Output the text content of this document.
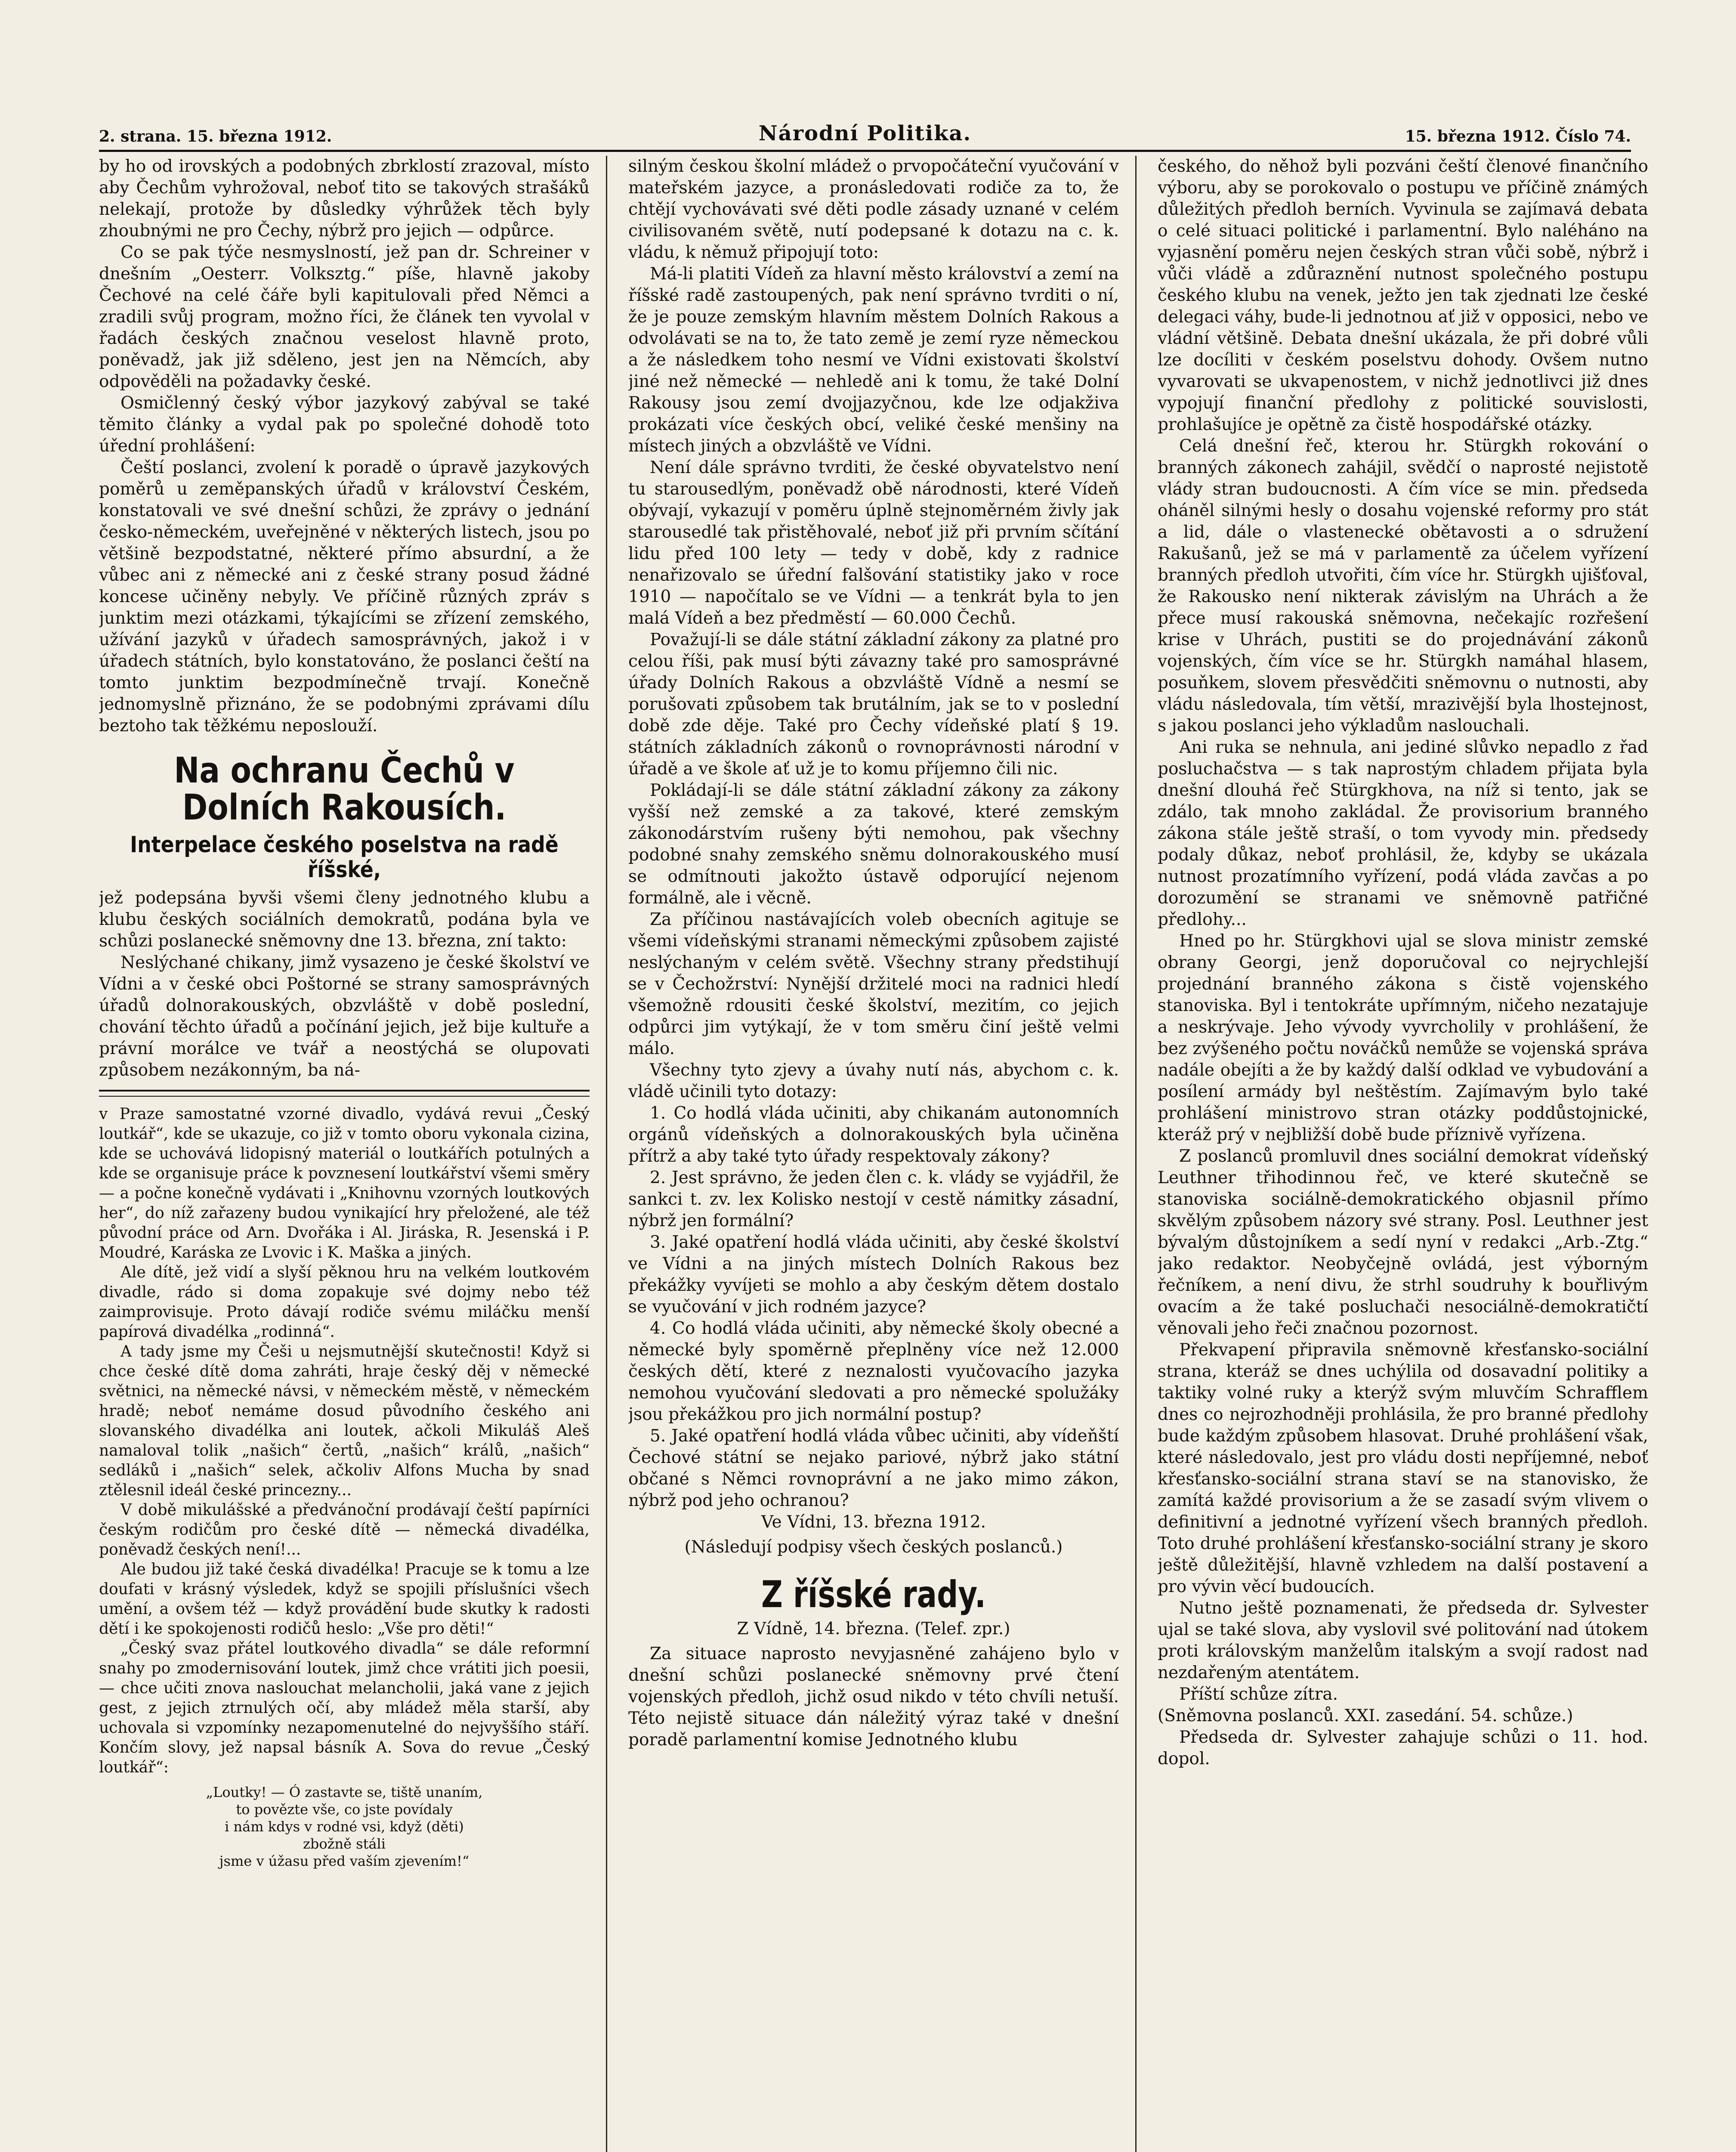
2. strana. 15. března 1912.	Národní Politika.	15. března 1912. Číslo 74.

by ho od irovských a podobných zbrklostí zrazoval, místo aby Čechům vyhrožoval, neboť tito se takových strašáků nelekají, protože by důsledky výhrůžek těch byly zhoubnými ne pro Čechy, nýbrž pro jejich — odpůrce.

Co se pak týče nesmyslností, jež pan dr. Schreiner v dnešním „Oesterr. Volksztg.“ píše, hlavně jakoby Čechové na celé čáře byli kapitulovali před Němci a zradili svůj program, možno říci, že článek ten vyvolal v řadách českých značnou veselost hlavně proto, poněvadž, jak již sděleno, jest jen na Němcích, aby odpověděli na požadavky české.

Osmičlenný český výbor jazykový zabýval se také těmito články a vydal pak po společné dohodě toto úřední prohlášení:

Čeští poslanci, zvolení k poradě o úpravě jazykových poměrů u zeměpanských úřadů v království Českém, konstatovali ve své dnešní schůzi, že zprávy o jednání česko-německém, uveřejněné v některých listech, jsou po většině bezpodstatné, některé přímo absurdní, a že vůbec ani z německé ani z české strany posud žádné koncese učiněny nebyly. Ve příčině různých zpráv s junktim mezi otázkami, týkajícími se zřízení zemského, užívání jazyků v úřadech samosprávných, jakož i v úřadech státních, bylo konstatováno, že poslanci čeští na tomto junktim bezpodmínečně trvají. Konečně jednomyslně přiznáno, že se podobnými zprávami dílu beztoho tak těžkému neposlouží.

Na ochranu Čechů v Dolních Rakousích.
Interpelace českého poselstva na radě říšské,

jež podepsána byvši všemi členy jednotného klubu a klubu českých sociálních demokratů, podána byla ve schůzi poslanecké sněmovny dne 13. března, zní takto:

Neslýchané chikany, jimž vysazeno je české školství ve Vídni a v české obci Poštorné se strany samosprávných úřadů dolnorakouských, obzvláště v době poslední, chování těchto úřadů a počínání jejich, jež bije kultuře a právní morálce ve tvář a neostýchá se olupovati způsobem nezákonným, ba ná-

v Praze samostatné vzorné divadlo, vydává revui „Český loutkář“, kde se ukazuje, co již v tomto oboru vykonala cizina, kde se uchovává lidopisný materiál o loutkářích potulných a kde se organisuje práce k povznesení loutkářství všemi směry — a počne konečně vydávati i „Knihovnu vzorných loutkových her“, do níž zařazeny budou vynikající hry přeložené, ale též původní práce od Arn. Dvořáka i Al. Jiráska, R. Jesenská i P. Moudré, Karáska ze Lvovic i K. Maška a jiných.

Ale dítě, jež vidí a slyší pěknou hru na velkém loutkovém divadle, rádo si doma zopakuje své dojmy nebo též zaimprovisuje. Proto dávají rodiče svému miláčku menší papírová divadélka „rodinná“.

A tady jsme my Češi u nejsmutnější skutečnosti! Když si chce české dítě doma zahráti, hraje český děj v německé světnici, na německé návsi, v německém městě, v německém hradě; neboť nemáme dosud původního českého ani slovanského divadélka ani loutek, ačkoli Mikuláš Aleš namaloval tolik „našich“ čertů, „našich“ králů, „našich“ sedláků i „našich“ selek, ačkoliv Alfons Mucha by snad ztělesnil ideál české princezny...

V době mikulášské a předvánoční prodávají čeští papírníci českým rodičům pro české dítě — německá divadélka, poněvadž českých není!...

Ale budou již také česká divadélka! Pracuje se k tomu a lze doufati v krásný výsledek, když se spojili příslušníci všech umění, a ovšem též — když provádění bude skutky k radosti dětí i ke spokojenosti rodičů heslo: „Vše pro děti!“

„Český svaz přátel loutkového divadla“ se dále reformní snahy po zmodernisování loutek, jimž chce vrátiti jich poesii, — chce učiti znova naslouchat melancholii, jaká vane z jejich gest, z jejich ztrnulých očí, aby mládež měla starší, aby uchovala si vzpomínky nezapomenutelné do nejvyššího stáří. Končím slovy, jež napsal básník A. Sova do revue „Český loutkář“:

„Loutky! — Ó zastavte se, tiště unaním,

to povězte vše, co jste povídaly

i nám kdys v rodné vsi, když (děti)

zbožně stáli

jsme v úžasu před vaším zjevením!“

silným českou školní mládež o prvopočáteční vyučování v mateřském jazyce, a pronásledovati rodiče za to, že chtějí vychovávati své děti podle zásady uznané v celém civilisovaném světě, nutí podepsané k dotazu na c. k. vládu, k němuž připojují toto:

Má-li platiti Vídeň za hlavní město království a zemí na říšské radě zastoupených, pak není správno tvrditi o ní, že je pouze zemským hlavním městem Dolních Rakous a odvolávati se na to, že tato země je zemí ryze německou a že následkem toho nesmí ve Vídni existovati školství jiné než německé — nehledě ani k tomu, že také Dolní Rakousy jsou zemí dvojjazyčnou, kde lze odjakživa prokázati více českých obcí, veliké české menšiny na místech jiných a obzvláště ve Vídni.

Není dále správno tvrditi, že české obyvatelstvo není tu starousedlým, poněvadž obě národnosti, které Vídeň obývají, vykazují v poměru úplně stejnoměrném živly jak starousedlé tak přistěhovalé, neboť již při prvním sčítání lidu před 100 lety — tedy v době, kdy z radnice nenařizovalo se úřední falšování statistiky jako v roce 1910 — napočítalo se ve Vídni — a tenkrát byla to jen malá Vídeň a bez předměstí — 60.000 Čechů.

Považují-li se dále státní základní zákony za platné pro celou říši, pak musí býti závazny také pro samosprávné úřady Dolních Rakous a obzvláště Vídně a nesmí se porušovati způsobem tak brutálním, jak se to v poslední době zde děje. Také pro Čechy vídeňské platí § 19. státních základních zákonů o rovnoprávnosti národní v úřadě a ve škole ať už je to komu příjemno čili nic.

Pokládají-li se dále státní základní zákony za zákony vyšší než zemské a za takové, které zemským zákonodárstvím rušeny býti nemohou, pak všechny podobné snahy zemského sněmu dolnorakouského musí se odmítnouti jakožto ústavě odporující nejenom formálně, ale i věcně.

Za příčinou nastávajících voleb obecních agituje se všemi vídeňskými stranami německými způsobem zajisté neslýchaným v celém světě. Všechny strany předstihují se v Čechožrství: Nynější držitelé moci na radnici hledí všemožně rdousiti české školství, mezitím, co jejich odpůrci jim vytýkají, že v tom směru činí ještě velmi málo.

Všechny tyto zjevy a úvahy nutí nás, abychom c. k. vládě učinili tyto dotazy:

1. Co hodlá vláda učiniti, aby chikanám autonomních orgánů vídeňských a dolnorakouských byla učiněna přítrž a aby také tyto úřady respektovaly zákony?

2. Jest správno, že jeden člen c. k. vlády se vyjádřil, že sankci t. zv. lex Kolisko nestojí v cestě námitky zásadní, nýbrž jen formální?

3. Jaké opatření hodlá vláda učiniti, aby české školství ve Vídni a na jiných místech Dolních Rakous bez překážky vyvíjeti se mohlo a aby českým dětem dostalo se vyučování v jich rodném jazyce?

4. Co hodlá vláda učiniti, aby německé školy obecné a německé byly spoměrně přeplněny více než 12.000 českých dětí, které z neznalosti vyučovacího jazyka nemohou vyučování sledovati a pro německé spolužáky jsou překážkou pro jich normální postup?

5. Jaké opatření hodlá vláda vůbec učiniti, aby vídeňští Čechové státní se nejako pariové, nýbrž jako státní občané s Němci rovnoprávní a ne jako mimo zákon, nýbrž pod jeho ochranou?

Ve Vídni, 13. března 1912.

(Následují podpisy všech českých poslanců.)

Z říšské rady.

Z Vídně, 14. března. (Telef. zpr.)

Za situace naprosto nevyjasněné zahájeno bylo v dnešní schůzi poslanecké sněmovny prvé čtení vojenských předloh, jichž osud nikdo v této chvíli netuší. Této nejistě situace dán náležitý výraz také v dnešní poradě parlamentní komise Jednotného klubu

českého, do něhož byli pozváni čeští členové finančního výboru, aby se porokovalo o postupu ve příčině známých důležitých předloh berních. Vyvinula se zajímavá debata o celé situaci politické i parlamentní. Bylo naléháno na vyjasnění poměru nejen českých stran vůči sobě, nýbrž i vůči vládě a zdůraznění nutnost společného postupu českého klubu na venek, ježto jen tak zjednati lze české delegaci váhy, bude-li jednotnou ať již v opposici, nebo ve vládní většině. Debata dnešní ukázala, že při dobré vůli lze docíliti v českém poselstvu dohody. Ovšem nutno vyvarovati se ukvapenostem, v nichž jednotlivci již dnes vypojují finanční předlohy z politické souvislosti, prohlašujíce je opětně za čistě hospodářské otázky.

Celá dnešní řeč, kterou hr. Stürgkh rokování o branných zákonech zahájil, svědčí o naprosté nejistotě vlády stran budoucnosti. A čím více se min. předseda oháněl silnými hesly o dosahu vojenské reformy pro stát a lid, dále o vlastenecké obětavosti a o sdružení Rakušanů, jež se má v parlamentě za účelem vyřízení branných předloh utvořiti, čím více hr. Stürgkh ujišťoval, že Rakousko není nikterak závislým na Uhrách a že přece musí rakouská sněmovna, nečekajíc rozřešení krise v Uhrách, pustiti se do projednávání zákonů vojenských, čím více se hr. Stürgkh namáhal hlasem, posuňkem, slovem přesvědčiti sněmovnu o nutnosti, aby vládu následovala, tím větší, mrazivější byla lhostejnost, s jakou poslanci jeho výkladům naslouchali.

Ani ruka se nehnula, ani jediné slůvko nepadlo z řad posluchačstva — s tak naprostým chladem přijata byla dnešní dlouhá řeč Stürgkhova, na níž si tento, jak se zdálo, tak mnoho zakládal. Že provisorium branného zákona stále ještě straší, o tom vyvody min. předsedy podaly důkaz, neboť prohlásil, že, kdyby se ukázala nutnost prozatímního vyřízení, podá vláda zavčas a po dorozumění se stranami ve sněmovně patřičné předlohy...

Hned po hr. Stürgkhovi ujal se slova ministr zemské obrany Georgi, jenž doporučoval co nejrychlejší projednání branného zákona s čistě vojenského stanoviska. Byl i tentokráte upřímným, ničeho nezatajuje a neskrývaje. Jeho vývody vyvrcholily v prohlášení, že bez zvýšeného počtu nováčků nemůže se vojenská správa nadále obejíti a že by každý další odklad ve vybudování a posílení armády byl neštěstím. Zajímavým bylo také prohlášení ministrovo stran otázky poddůstojnické, kteráž prý v nejbližší době bude příznivě vyřízena.

Z poslanců promluvil dnes sociální demokrat vídeňský Leuthner třihodinnou řeč, ve které skutečně se stanoviska sociálně-demokratického objasnil přímo skvělým způsobem názory své strany. Posl. Leuthner jest bývalým důstojníkem a sedí nyní v redakci „Arb.-Ztg.“ jako redaktor. Neobyčejně ovládá, jest výborným řečníkem, a není divu, že strhl soudruhy k bouřlivým ovacím a že také posluchači nesociálně-demokratičtí věnovali jeho řeči značnou pozornost.

Překvapení připravila sněmovně křesťansko-sociální strana, kteráž se dnes uchýlila od dosavadní politiky a taktiky volné ruky a kterýž svým mluvčím Schrafflem dnes co nejrozhodněji prohlásila, že pro branné předlohy bude každým způsobem hlasovat. Druhé prohlášení však, které následovalo, jest pro vládu dosti nepříjemné, neboť křesťansko-sociální strana staví se na stanovisko, že zamítá každé provisorium a že se zasadí svým vlivem o definitivní a jednotné vyřízení všech branných předloh. Toto druhé prohlášení křesťansko-sociální strany je skoro ještě důležitější, hlavně vzhledem na další postavení a pro vývin věcí budoucích.

Nutno ještě poznamenati, že předseda dr. Sylvester ujal se také slova, aby vyslovil své politování nad útokem proti královským manželům italským a svojí radost nad nezdařeným atentátem.

Příští schůze zítra.

(Sněmovna poslanců. XXI. zasedání. 54. schůze.)

Předseda dr. Sylvester zahajuje schůzi o 11. hod. dopol.
